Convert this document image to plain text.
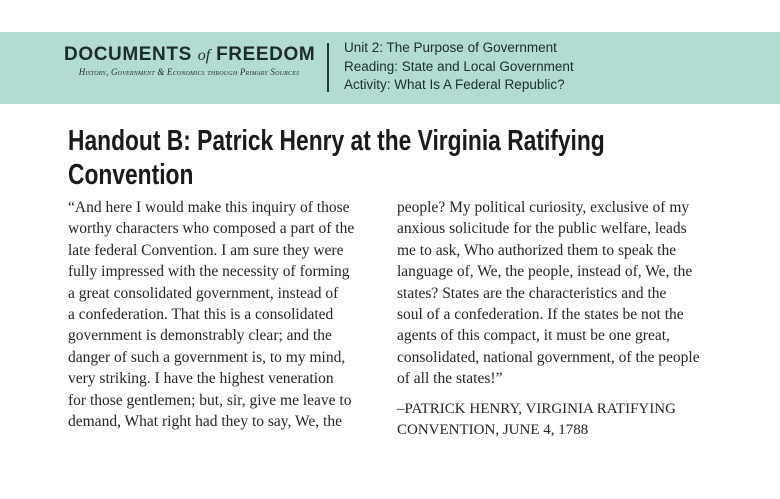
DOCUMENTS of FREEDOM
History, Government & Economics through Primary Sources
Unit 2: The Purpose of Government
Reading: State and Local Government
Activity: What Is A Federal Republic?
Handout B: Patrick Henry at the Virginia Ratifying Convention
“And here I would make this inquiry of those
worthy characters who composed a part of the
late federal Convention. I am sure they were
fully impressed with the necessity of forming
a great consolidated government, instead of
a confederation. That this is a consolidated
government is demonstrably clear; and the
danger of such a government is, to my mind,
very striking. I have the highest veneration
for those gentlemen; but, sir, give me leave to
demand, What right had they to say, We, the
people? My political curiosity, exclusive of my
anxious solicitude for the public welfare, leads
me to ask, Who authorized them to speak the
language of, We, the people, instead of, We, the
states? States are the characteristics and the
soul of a confederation. If the states be not the
agents of this compact, it must be one great,
consolidated, national government, of the people
of all the states!”
–PATRICK HENRY, VIRGINIA RATIFYING
CONVENTION, JUNE 4, 1788
